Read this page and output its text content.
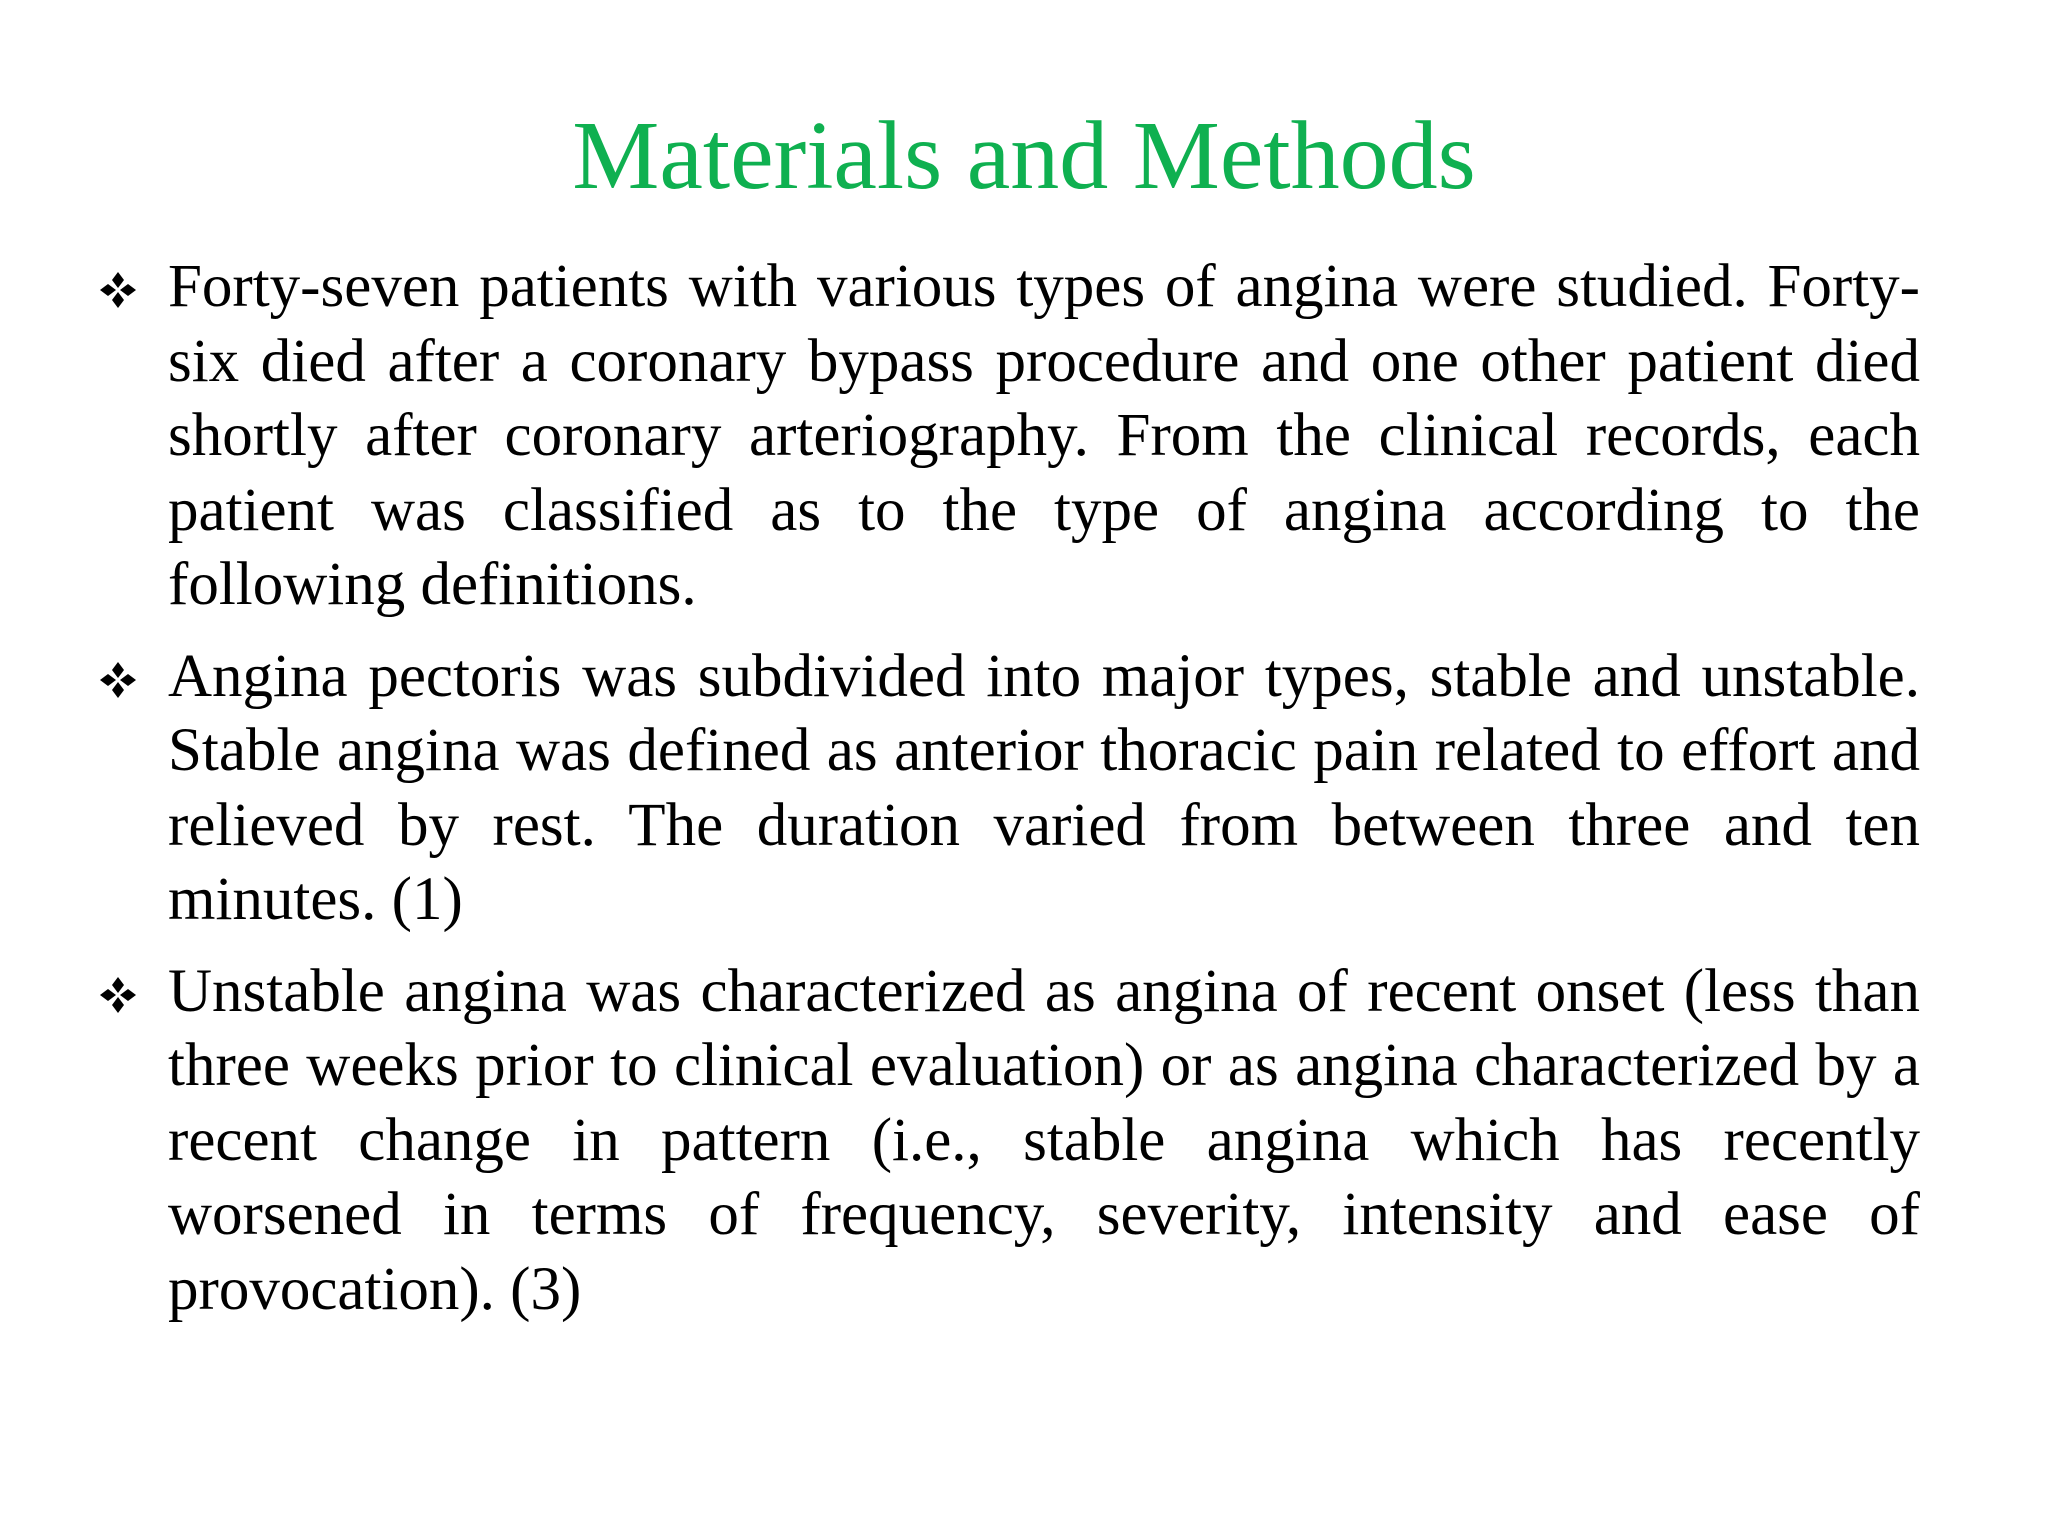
Materials and Methods
Forty-seven patients with various types of angina were studied. Forty-six died after a coronary bypass procedure and one other patient died shortly after coronary arteriography. From the clinical records, each patient was classified as to the type of angina according to the following definitions.
Angina pectoris was subdivided into major types, stable and unstable. Stable angina was defined as anterior thoracic pain related to effort and relieved by rest. The duration varied from between three and ten minutes. (1)
Unstable angina was characterized as angina of recent onset (less than three weeks prior to clinical evaluation) or as angina characterized by a recent change in pattern (i.e., stable angina which has recently worsened in terms of frequency, severity, intensity and ease of provocation). (3)
